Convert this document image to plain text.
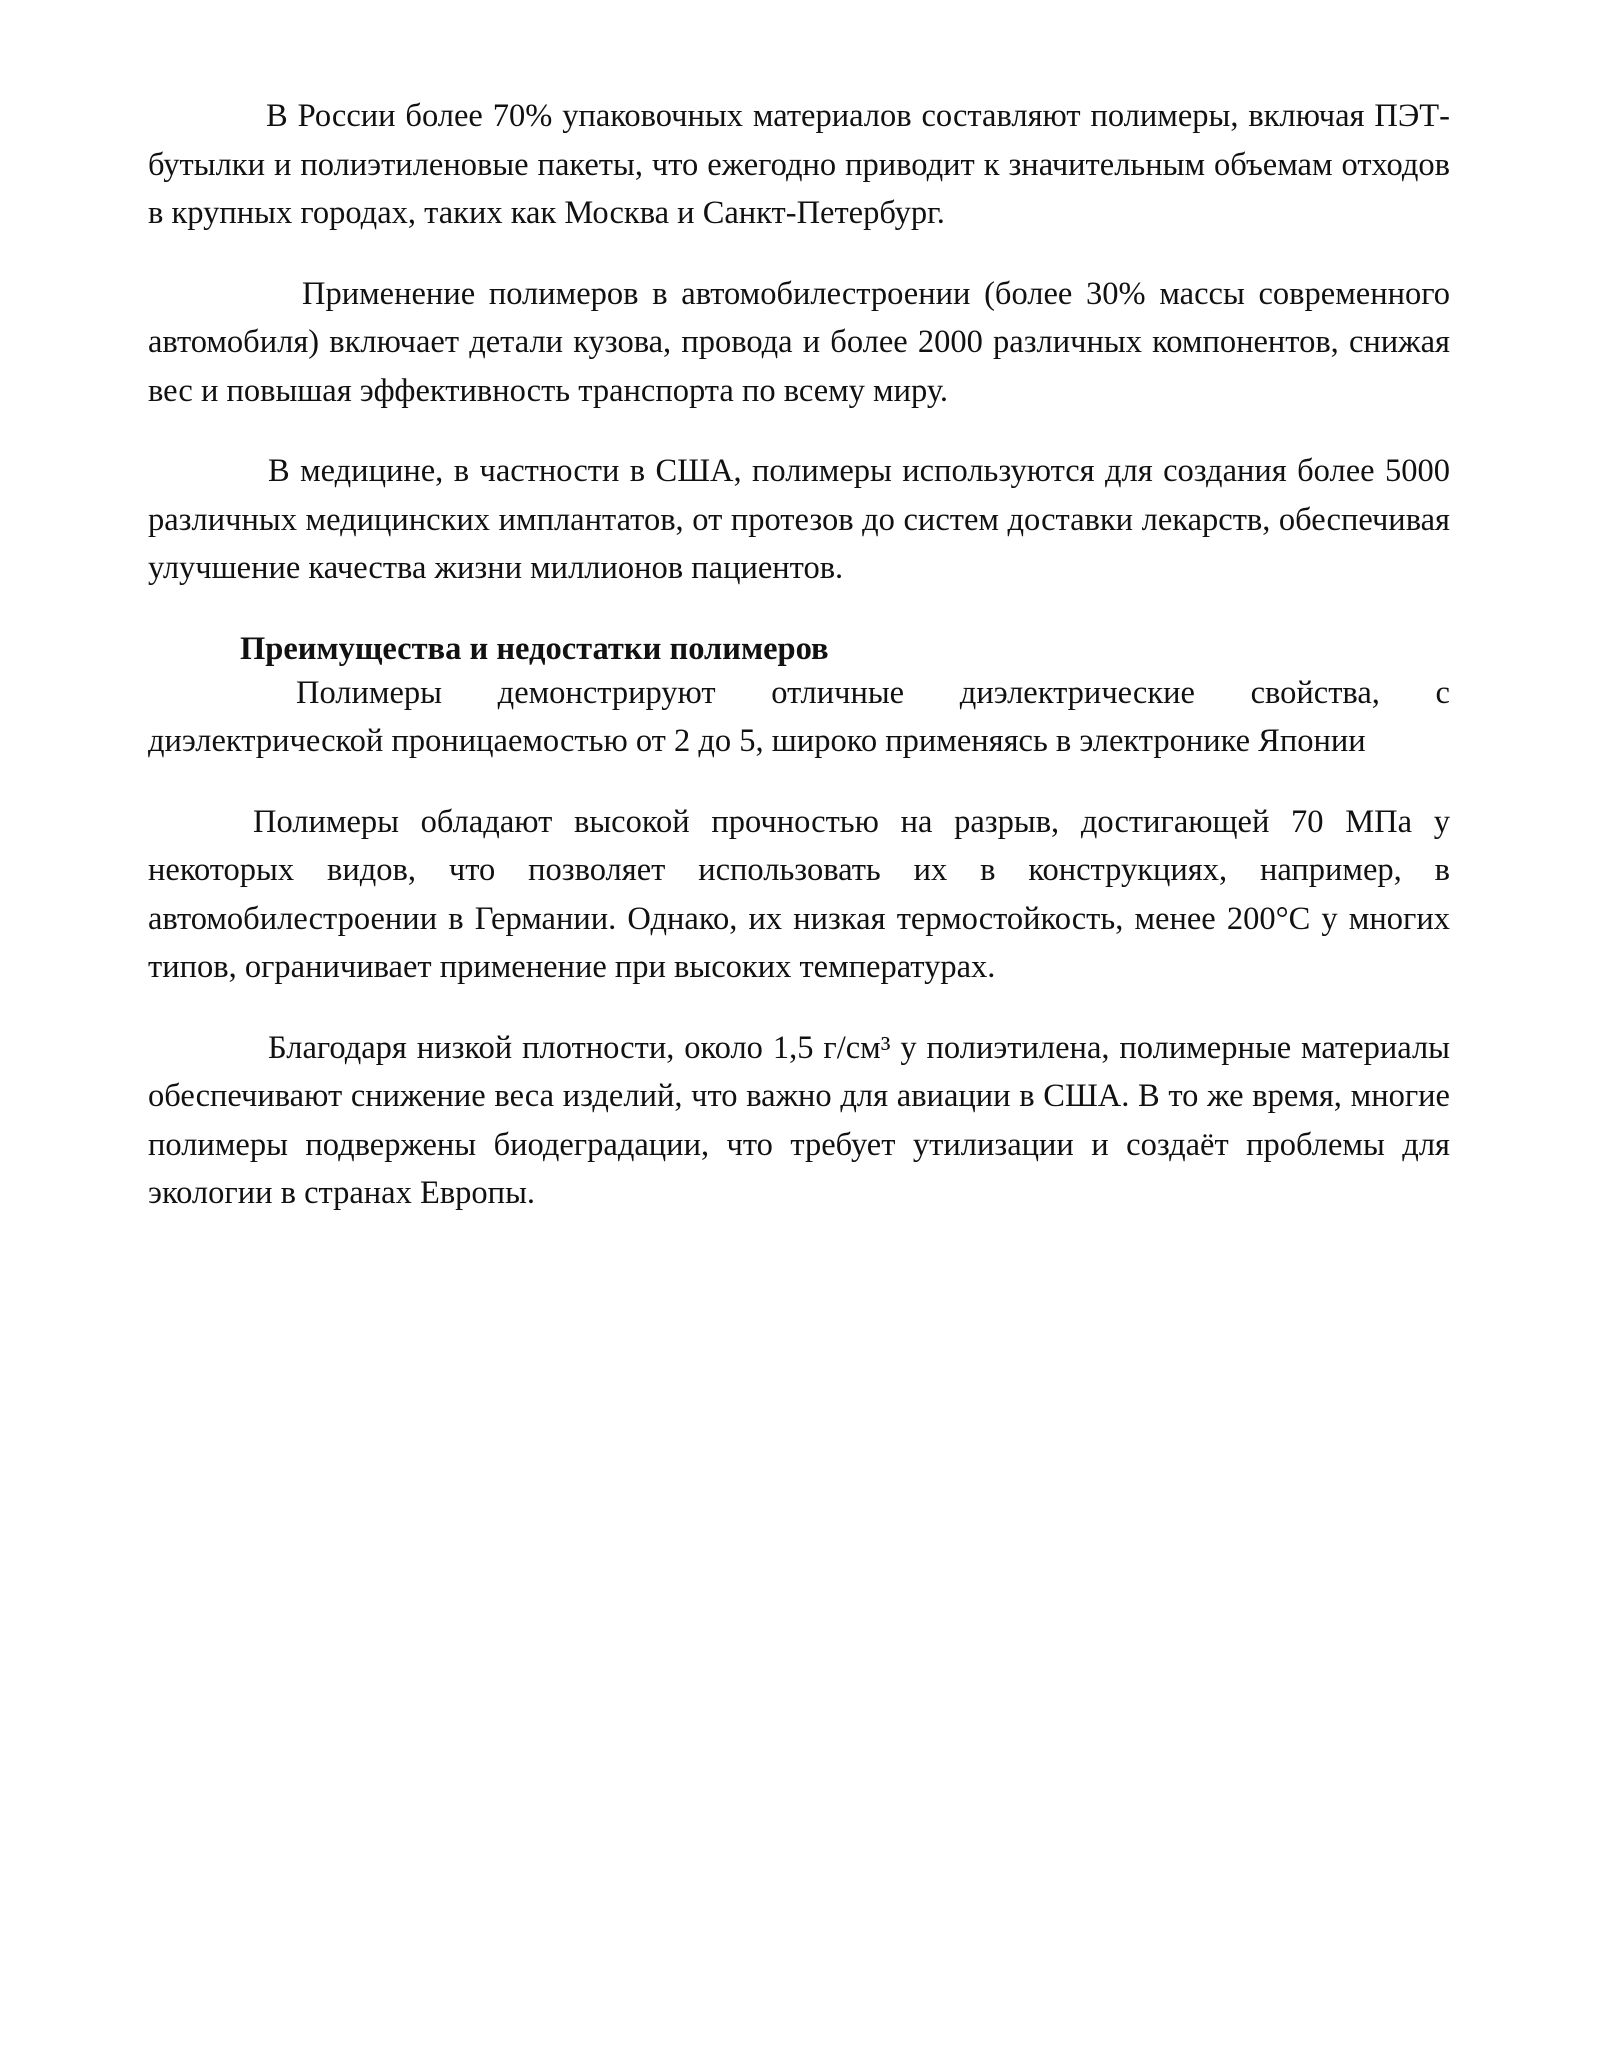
В России более 70% упаковочных материалов составляют полимеры, включая ПЭТ-бутылки и полиэтиленовые пакеты, что ежегодно приводит к значительным объемам отходов в крупных городах, таких как Москва и Санкт-Петербург.

Применение полимеров в автомобилестроении (более 30% массы современного автомобиля) включает детали кузова, провода и более 2000 различных компонентов, снижая вес и повышая эффективность транспорта по всему миру.

В медицине, в частности в США, полимеры используются для создания более 5000 различных медицинских имплантатов, от протезов до систем доставки лекарств, обеспечивая улучшение качества жизни миллионов пациентов.

Преимущества и недостатки полимеров

Полимеры демонстрируют отличные диэлектрические свойства, с диэлектрической проницаемостью от 2 до 5, широко применяясь в электронике Японии

Полимеры обладают высокой прочностью на разрыв, достигающей 70 МПа у некоторых видов, что позволяет использовать их в конструкциях, например, в автомобилестроении в Германии. Однако, их низкая термостойкость, менее 200°С у многих типов, ограничивает применение при высоких температурах.

Благодаря низкой плотности, около 1,5 г/см³ у полиэтилена, полимерные материалы обеспечивают снижение веса изделий, что важно для авиации в США. В то же время, многие полимеры подвержены биодеградации, что требует утилизации и создаёт проблемы для экологии в странах Европы.
